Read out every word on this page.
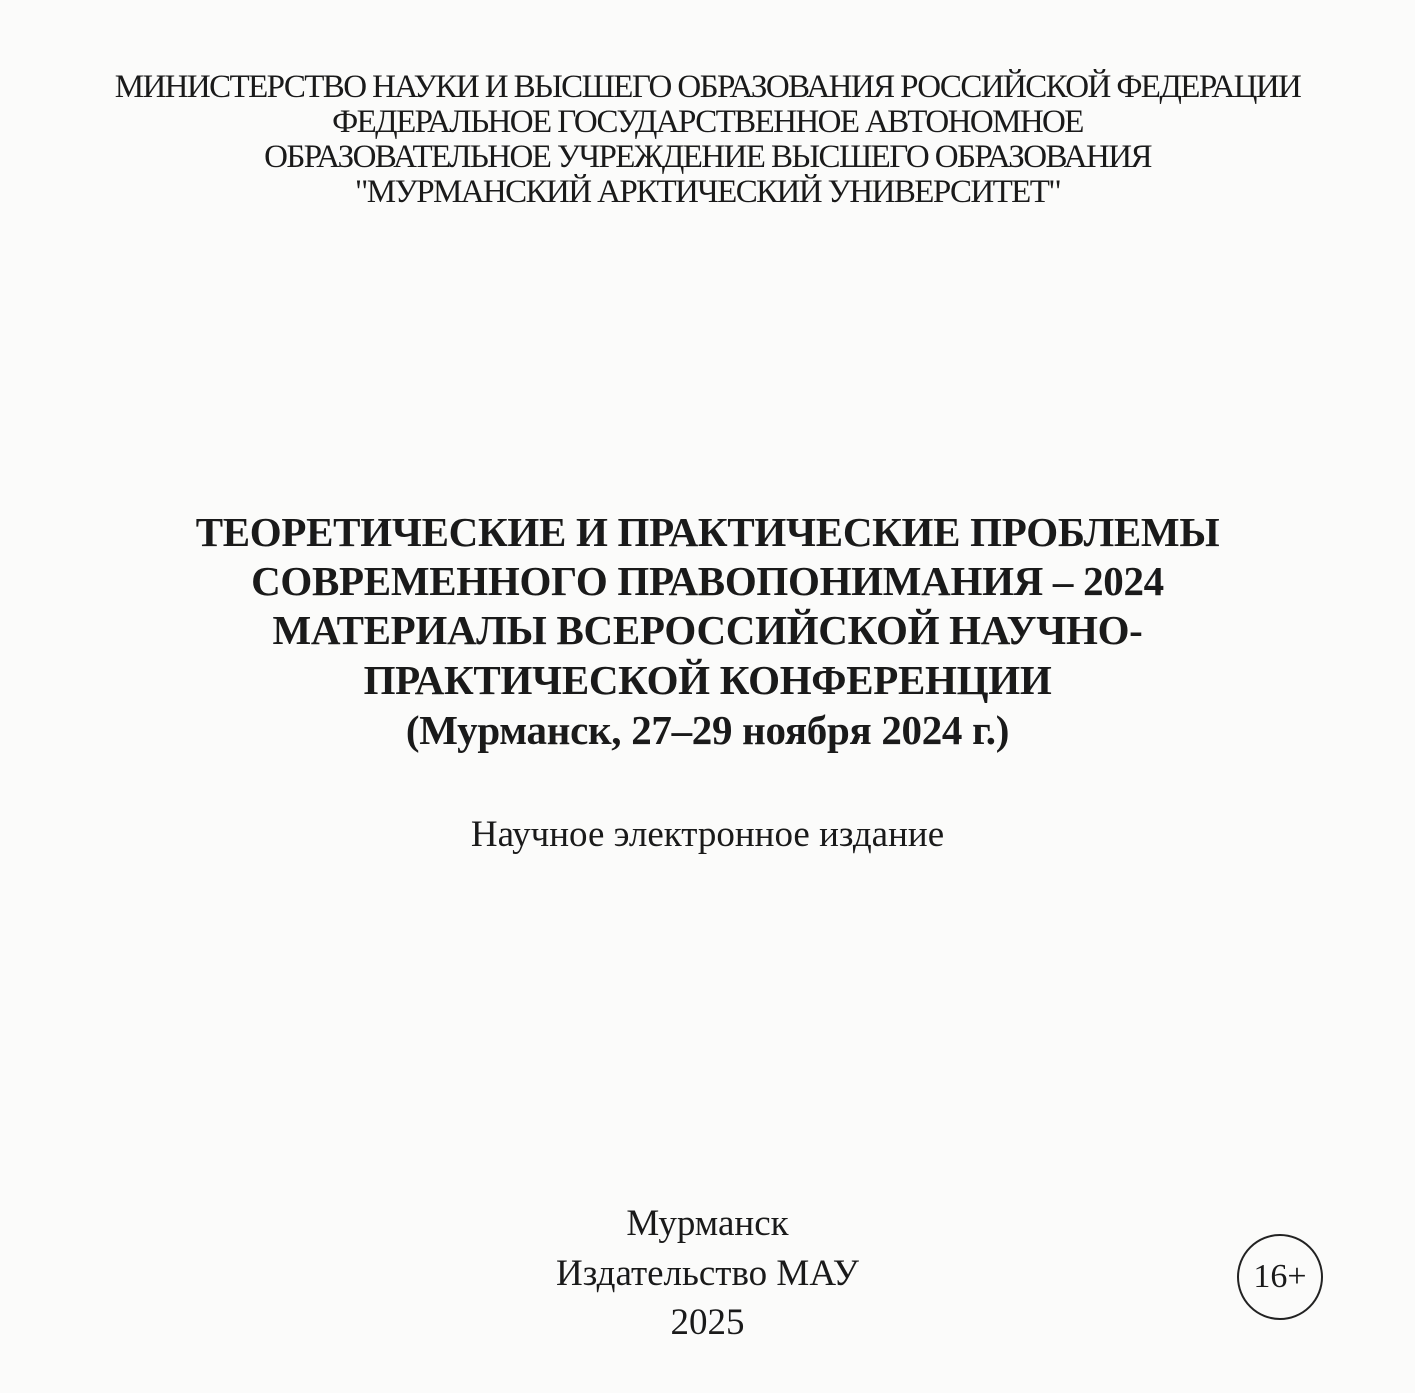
МИНИСТЕРСТВО НАУКИ И ВЫСШЕГО ОБРАЗОВАНИЯ РОССИЙСКОЙ ФЕДЕРАЦИИ
ФЕДЕРАЛЬНОЕ ГОСУДАРСТВЕННОЕ АВТОНОМНОЕ
ОБРАЗОВАТЕЛЬНОЕ УЧРЕЖДЕНИЕ ВЫСШЕГО ОБРАЗОВАНИЯ
"МУРМАНСКИЙ АРКТИЧЕСКИЙ УНИВЕРСИТЕТ"
ТЕОРЕТИЧЕСКИЕ И ПРАКТИЧЕСКИЕ ПРОБЛЕМЫ
СОВРЕМЕННОГО ПРАВОПОНИМАНИЯ – 2024
МАТЕРИАЛЫ ВСЕРОССИЙСКОЙ НАУЧНО-
ПРАКТИЧЕСКОЙ КОНФЕРЕНЦИИ
(Мурманск, 27–29 ноября 2024 г.)
Научное электронное издание
Мурманск
Издательство МАУ
2025
16+
